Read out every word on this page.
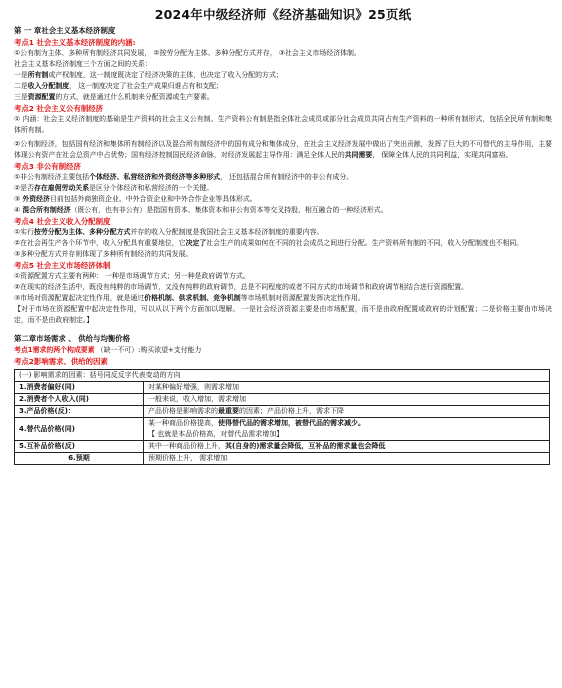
2024年中级经济师《经济基础知识》25页纸
第 一 章社会主义基本经济制度
考点1 社会主义基本经济制度的内涵:

①公有制为主体、多种所有制经济共同发展， ②按劳分配为主体、多种分配方式并存， ③社会主义市场经济体制。

社会主义基本经济制度三个方面之间的关系：

一是所有制或产权制度，这一制度既决定了经济决策的主体，也决定了收入分配的方式；

二是收入分配制度， 这一制度决定了社会生产成果归谁占有和支配；

三是资源配置的方式，就是通过什么机制来分配资源或生产要素。

考点2 社会主义公有制经济

① 内涵：社会主义经济制度的基础是生产资料的社会主义公有制。生产资料公有制是指全体社会成员或部分社会成员共同占有生产资料的一种所有制形式，包括全民所有制和集体所有制。

②公有制经济，包括国有经济和集体所有制经济以及混合所有制经济中的国有成分和集体成分，在社会主义经济发展中做出了突出贡献，发挥了巨大的不可替代的主导作用，主要体现公有资产在社会总资产中占优势；国有经济控制国民经济命脉，对经济发展起主导作用：满足全体人民的共同需要， 保障全体人民的共同利益，实现共同富裕。

考点3 非公有制经济

①非公有制经济主要包括个体经济、私营经济和外资经济等多种形式， 还包括混合所有制经济中的非公有成分。

②是否存在雇佣劳动关系是区分个体经济和私营经济的一个关键。

③ 外资经济目前包括外商独资企业、中外合资企业和中外合作企业等具体形式。

④ 混合所有制经济（既公有，也有非公有）是指国有资本、集体资本和非公有资本等交叉持股、相互融合的一种经济形式。

考点4 社会主义收入分配制度

①实行按劳分配为主体、多种分配方式并存的收入分配制度是我国社会主义基本经济制度的重要内容。

②在社会再生产各个环节中，收入分配具有重要地位，它决定了社会生产的成果如何在不同的社会成员之间进行分配。生产资料所有制的不同，收入分配制度也不相同。

③多种分配方式并存则体现了多种所有制经济的共同发展。

考点5 社会主义市场经济体制

①资源配置方式主要有两种： 一种是市场调节方式；另一种是政府调节方式。

②在现实的经济生活中，既没有纯粹的市场调节，又没有纯粹的政府调节，总是不同程度的或者不同方式的市场调节和政府调节相结合进行资源配置。

③市场对资源配置起决定性作用，就是通过价格机制、供求机制、竞争机制等市场机制对资源配置发挥决定性作用。

【对于市场在资源配置中起决定性作用，可以从以下两个方面加以理解。 一是社会经济资源主要是由市场配置，而不是由政府配置或政府的计划配置；二是价格主要由市场决定，而不是由政府制定。】

第二章市场需求 、 供给与均衡价格

考点1需求的两个构成要素 （缺一不可）:购买欲望+支付能力

考点2影响需求、供给的因素
(一) 影响需求的因素：括号同反反字代表变动的方向	
1.消费者偏好(同)	对某种偏好增强，则需求增加
2.消费者个人收入(同)	一般来说，收入增加，需求增加
3.产品价格(反)：	产品价格是影响需求的最重要的因素；产品价格上升，需求下降
4.替代品价格(同)	某一种商品价格提高，使得替代品的需求增加，被替代品的需求减少。
【 也就是本品价格高，对替代品需求增加】
5.互补品价格(反)	其中一种商品价格上升，其(自身的)需求量会降低，互补品的需求量也会降低
6.预期	预期价格上升， 需求增加
